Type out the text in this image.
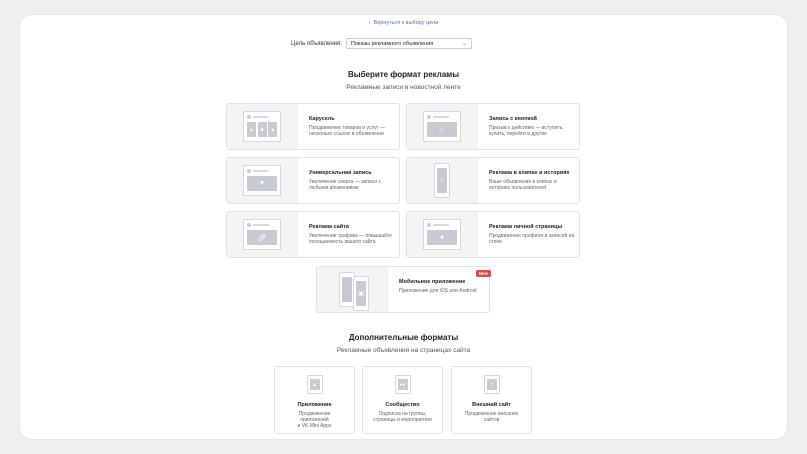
‹ Вернуться к выбору цели
Цель объявления:	Показы рекламного объявления	⌄
Выберите формат рекламы
Рекламные записи в новостной ленте
▲	■	▲
Карусель
Продвижение товаров и услуг — несколько ссылок в объявлении
♨
Запись с кнопкой
Призыв к действию — вступить, купить, перейти и другие
♥
Универсальная запись
Увеличение охвата — записи с любыми вложениями
♨
Реклама в клипах и историях
Ваше объявления в клипах и историях пользователей
🔗︎
Реклама сайта
Увеличение трафика — повышайте посещаемость вашего сайта
●
Реклама личной страницы
Продвижение профиля и записей на стене
▣
Мобильное приложение
Приложение для iOS или Android
New
Дополнительные форматы
Рекламные объявления на страницах сайта
▲
Приложение
Продвижение
приложений
и VK Mini Apps
●●
Сообщество
Подписка на группы,
страницы и мероприятия
↗
Внешний сайт
Продвижение внешних
сайтов
